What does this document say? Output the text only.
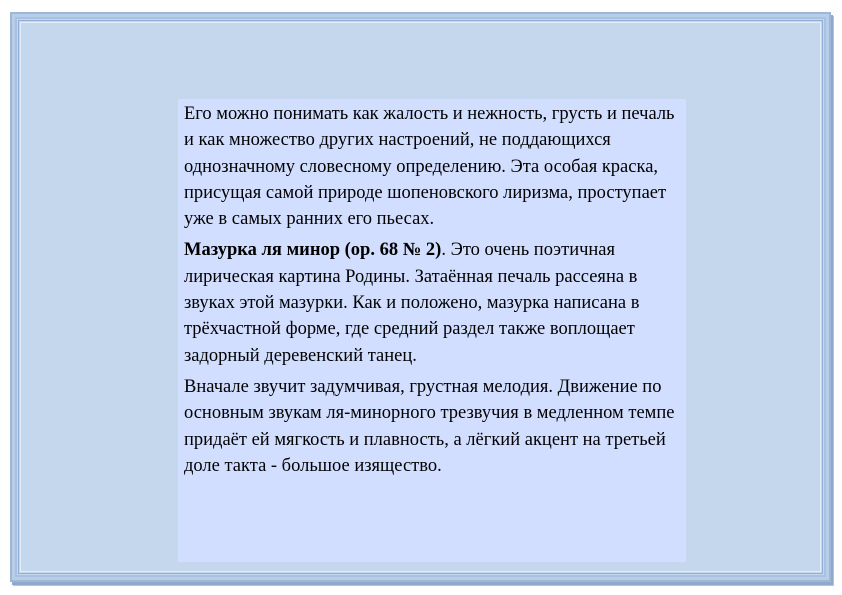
Его можно понимать как жалость и нежность, грусть и печаль и как множество других настроений, не поддающихся однозначному словесному определению. Эта особая краска, присущая самой природе шопеновского лиризма, проступает уже в самых ранних его пьесах.

Мазурка ля минор (ор. 68 № 2). Это очень поэтичная лирическая картина Родины. Затаённая печаль рассеяна в звуках этой мазурки. Как и положено, мазурка написана в трёхчастной форме, где средний раздел также воплощает задорный деревенский танец.

Вначале звучит задумчивая, грустная мелодия. Движение по основным звукам ля-минорного трезвучия в медленном темпе придаёт ей мягкость и плавность, а лёгкий акцент на третьей доле такта - большое изящество.
